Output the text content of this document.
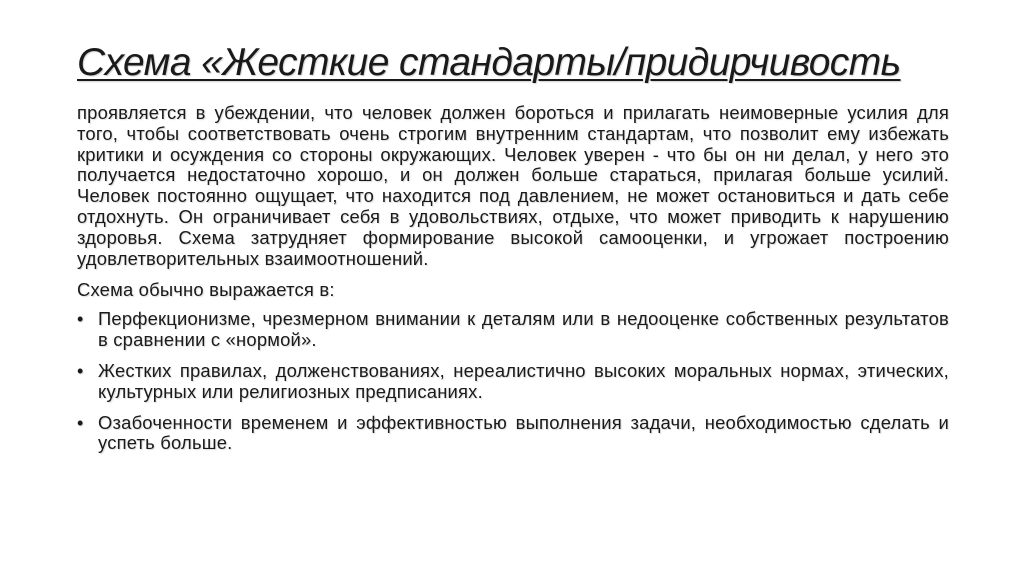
Схема «Жесткие стандарты/придирчивость

проявляется в убеждении, что человек должен бороться и прилагать неимоверные усилия для того, чтобы соответствовать очень строгим внутренним стандартам, что позволит ему избежать критики и осуждения со стороны окружающих. Человек уверен - что бы он ни делал, у него это получается недостаточно хорошо, и он должен больше стараться, прилагая больше усилий. Человек постоянно ощущает, что находится под давлением, не может остановиться и дать себе отдохнуть. Он ограничивает себя в удовольствиях, отдыхе, что может приводить к нарушению здоровья. Схема затрудняет формирование высокой самооценки, и угрожает построению удовлетворительных взаимоотношений.

Схема обычно выражается в:
• Перфекционизме, чрезмерном внимании к деталям или в недооценке собственных результатов в сравнении с «нормой».
• Жестких правилах, долженствованиях, нереалистично высоких моральных нормах, этических, культурных или религиозных предписаниях.
• Озабоченности временем и эффективностью выполнения задачи, необходимостью сделать и успеть больше.
